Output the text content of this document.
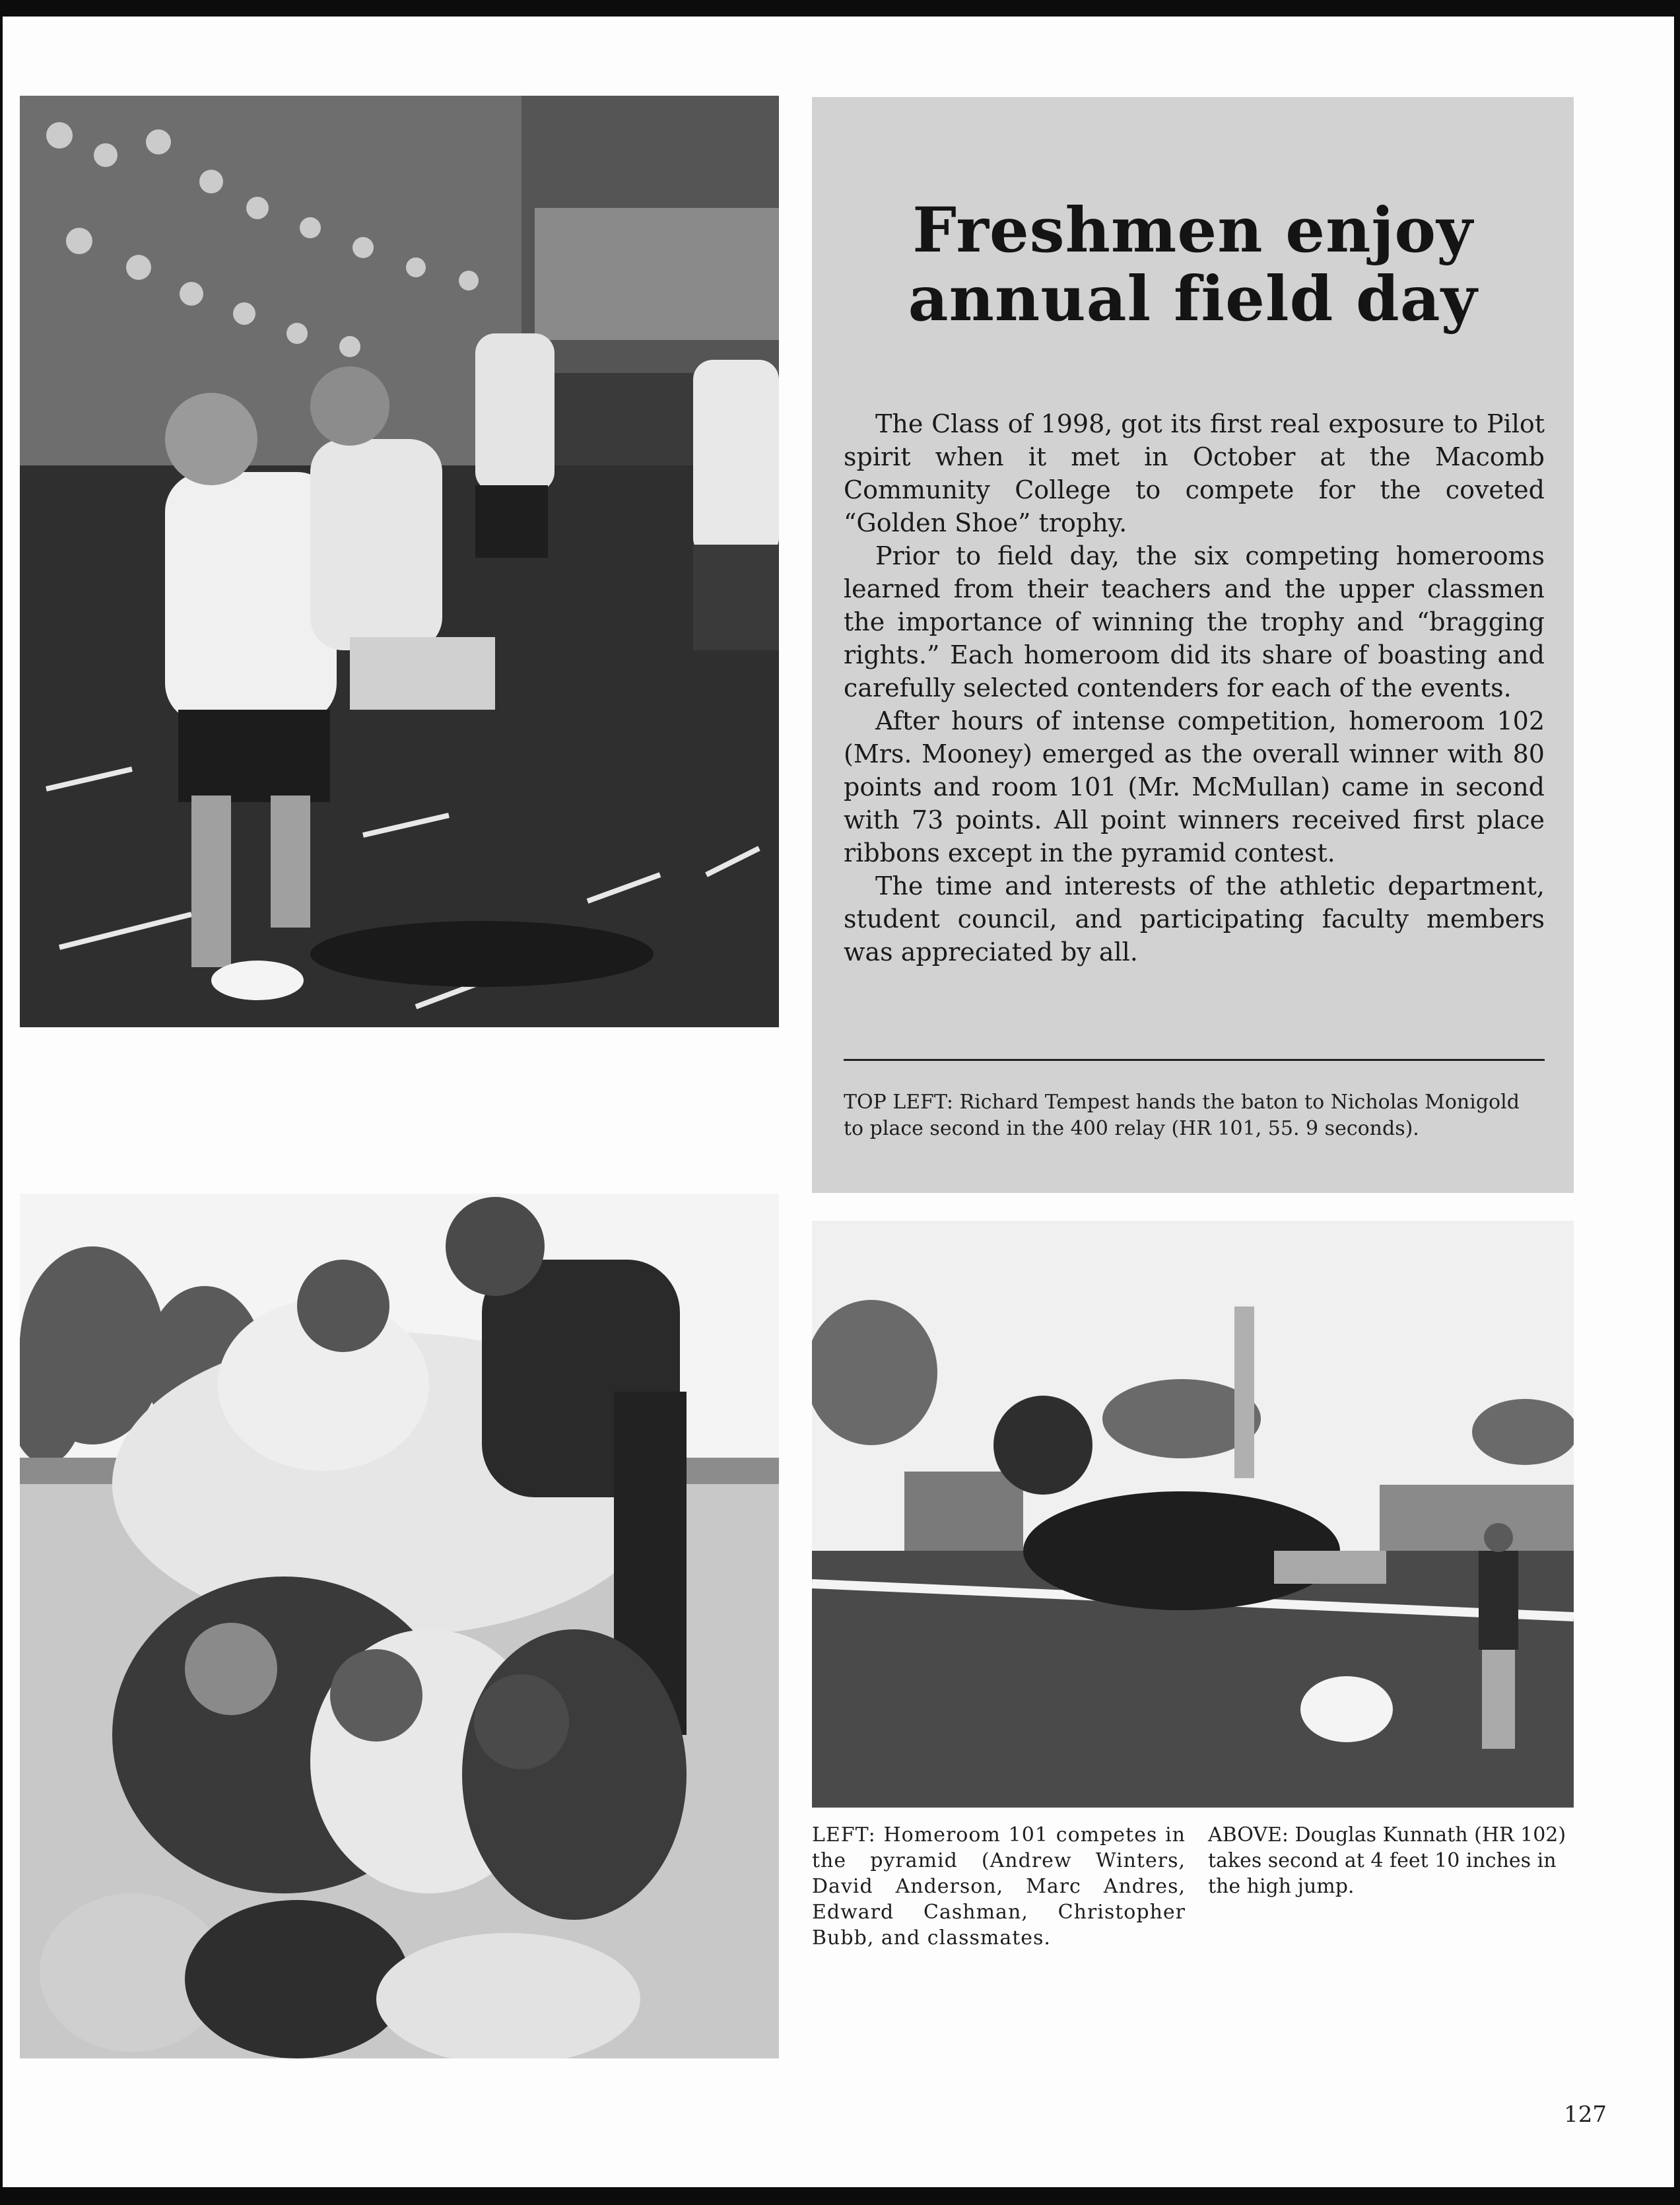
Freshmen enjoy
annual field day

The Class of 1998, got its first real exposure to Pilot spirit when it met in October at the Macomb Community College to compete for the coveted “Golden Shoe” trophy.

Prior to field day, the six competing homerooms learned from their teachers and the upper classmen the importance of winning the trophy and “bragging rights.” Each homeroom did its share of boasting and carefully selected contenders for each of the events.

After hours of intense competition, homeroom 102 (Mrs. Mooney) emerged as the overall winner with 80 points and room 101 (Mr. McMullan) came in second with 73 points. All point winners received first place ribbons except in the pyramid contest.

The time and interests of the athletic department, student council, and participating faculty members was appreciated by all.

TOP LEFT: Richard Tempest hands the baton to Nicholas Monigold to place second in the 400 relay (HR 101, 55. 9 seconds).
LEFT: Homeroom 101 competes in the pyramid (Andrew Winters, David Anderson, Marc Andres, Edward Cashman, Christopher Bubb, and classmates.
ABOVE: Douglas Kunnath (HR 102) takes second at 4 feet 10 inches in the high jump.
127
